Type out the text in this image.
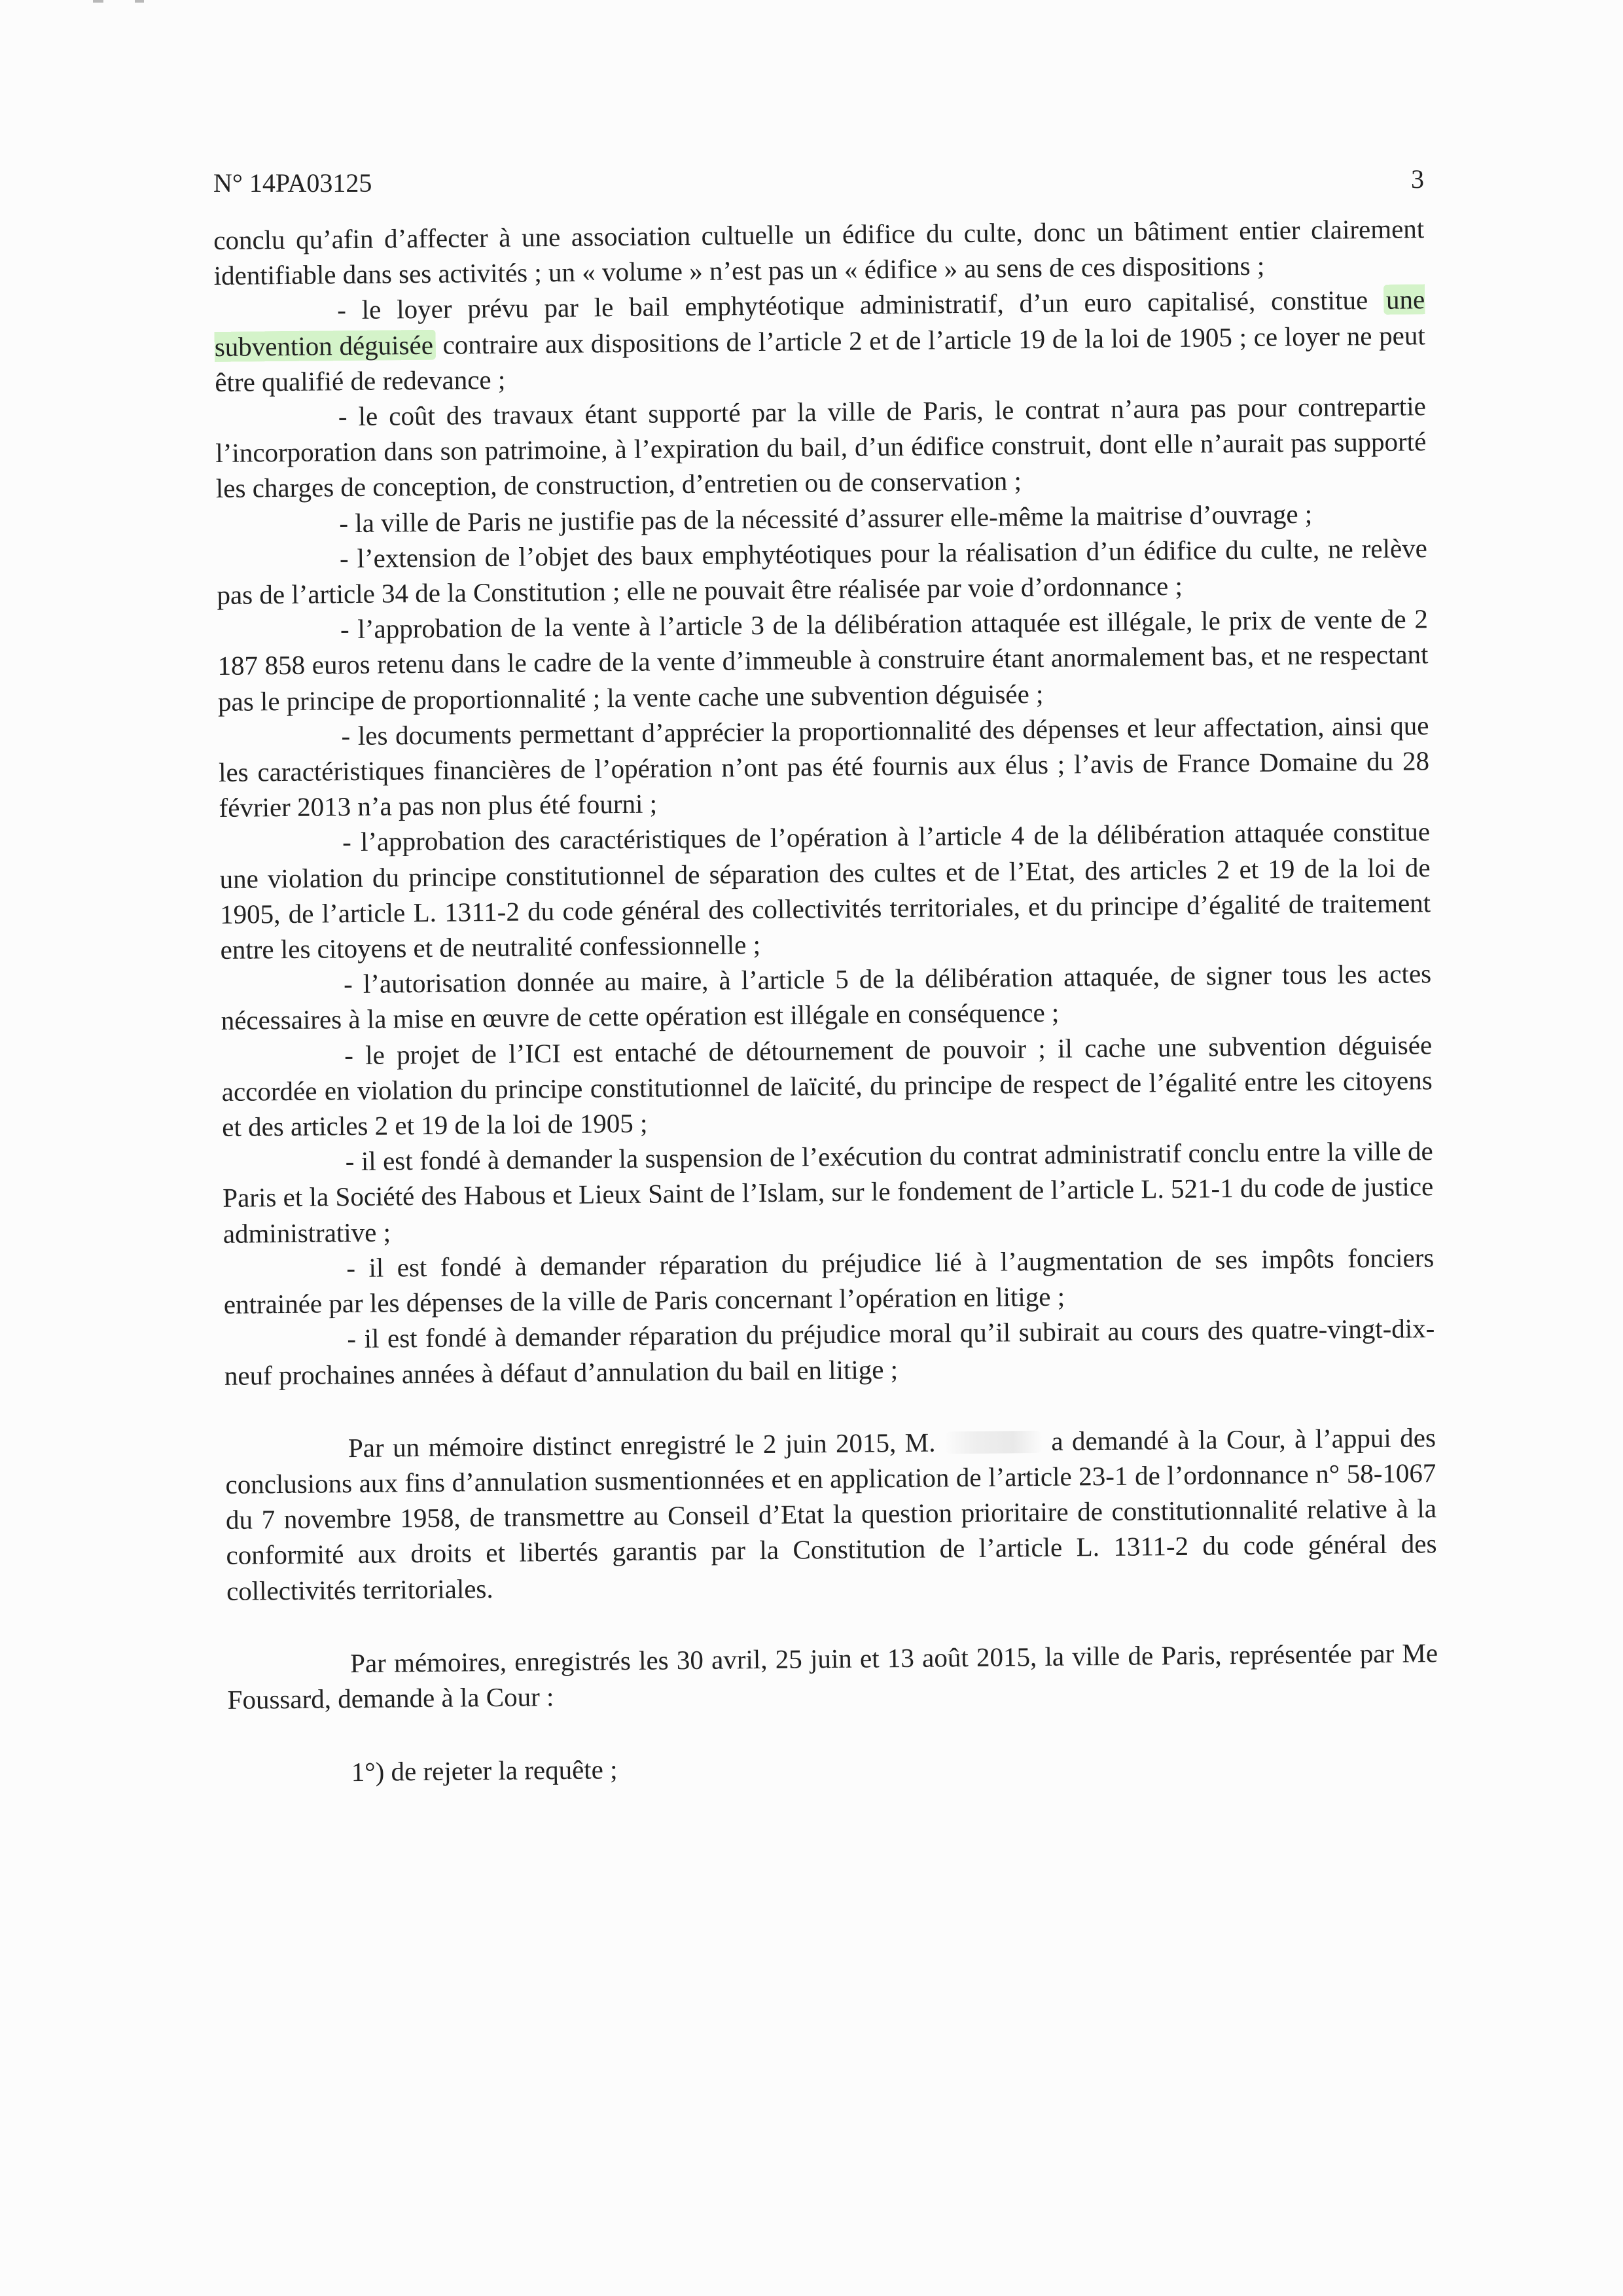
N° 14PA03125	3

conclu qu’afin d’affecter à une association cultuelle un édifice du culte, donc un bâtiment entier clairement identifiable dans ses activités ; un « volume » n’est pas un « édifice » au sens de ces dispositions ;

- le loyer prévu par le bail emphytéotique administratif, d’un euro capitalisé, constitue une subvention déguisée contraire aux dispositions de l’article 2 et de l’article 19 de la loi de 1905 ; ce loyer ne peut être qualifié de redevance ;

- le coût des travaux étant supporté par la ville de Paris, le contrat n’aura pas pour contrepartie l’incorporation dans son patrimoine, à l’expiration du bail, d’un édifice construit, dont elle n’aurait pas supporté les charges de conception, de construction, d’entretien ou de conservation ;

- la ville de Paris ne justifie pas de la nécessité d’assurer elle-même la maitrise d’ouvrage ;

- l’extension de l’objet des baux emphytéotiques pour la réalisation d’un édifice du culte, ne relève pas de l’article 34 de la Constitution ; elle ne pouvait être réalisée par voie d’ordonnance ;

- l’approbation de la vente à l’article 3 de la délibération attaquée est illégale, le prix de vente de 2 187 858 euros retenu dans le cadre de la vente d’immeuble à construire étant anormalement bas, et ne respectant pas le principe de proportionnalité ; la vente cache une subvention déguisée ;

- les documents permettant d’apprécier la proportionnalité des dépenses et leur affectation, ainsi que les caractéristiques financières de l’opération n’ont pas été fournis aux élus ; l’avis de France Domaine du 28 février 2013 n’a pas non plus été fourni ;

- l’approbation des caractéristiques de l’opération à l’article 4 de la délibération attaquée constitue une violation du principe constitutionnel de séparation des cultes et de l’Etat, des articles 2 et 19 de la loi de 1905, de l’article L. 1311-2 du code général des collectivités territoriales, et du principe d’égalité de traitement entre les citoyens et de neutralité confessionnelle ;

- l’autorisation donnée au maire, à l’article 5 de la délibération attaquée, de signer tous les actes nécessaires à la mise en œuvre de cette opération est illégale en conséquence ;

- le projet de l’ICI est entaché de détournement de pouvoir ; il cache une subvention déguisée accordée en violation du principe constitutionnel de laïcité, du principe de respect de l’égalité entre les citoyens et des articles 2 et 19 de la loi de 1905 ;

- il est fondé à demander la suspension de l’exécution du contrat administratif conclu entre la ville de Paris et la Société des Habous et Lieux Saint de l’Islam, sur le fondement de l’article L. 521-1 du code de justice administrative ;

- il est fondé à demander réparation du préjudice lié à l’augmentation de ses impôts fonciers entrainée par les dépenses de la ville de Paris concernant l’opération en litige ;

- il est fondé à demander réparation du préjudice moral qu’il subirait au cours des quatre-vingt-dix-neuf prochaines années à défaut d’annulation du bail en litige ;

Par un mémoire distinct enregistré le 2 juin 2015, M.	a demandé à la Cour, à l’appui des conclusions aux fins d’annulation susmentionnées et en application de l’article 23-1 de l’ordonnance n° 58-1067 du 7 novembre 1958, de transmettre au Conseil d’Etat la question prioritaire de constitutionnalité relative à la conformité aux droits et libertés garantis par la Constitution de l’article L. 1311-2 du code général des collectivités territoriales.

Par mémoires, enregistrés les 30 avril, 25 juin et 13 août 2015, la ville de Paris, représentée par Me Foussard, demande à la Cour :

1°) de rejeter la requête ;
